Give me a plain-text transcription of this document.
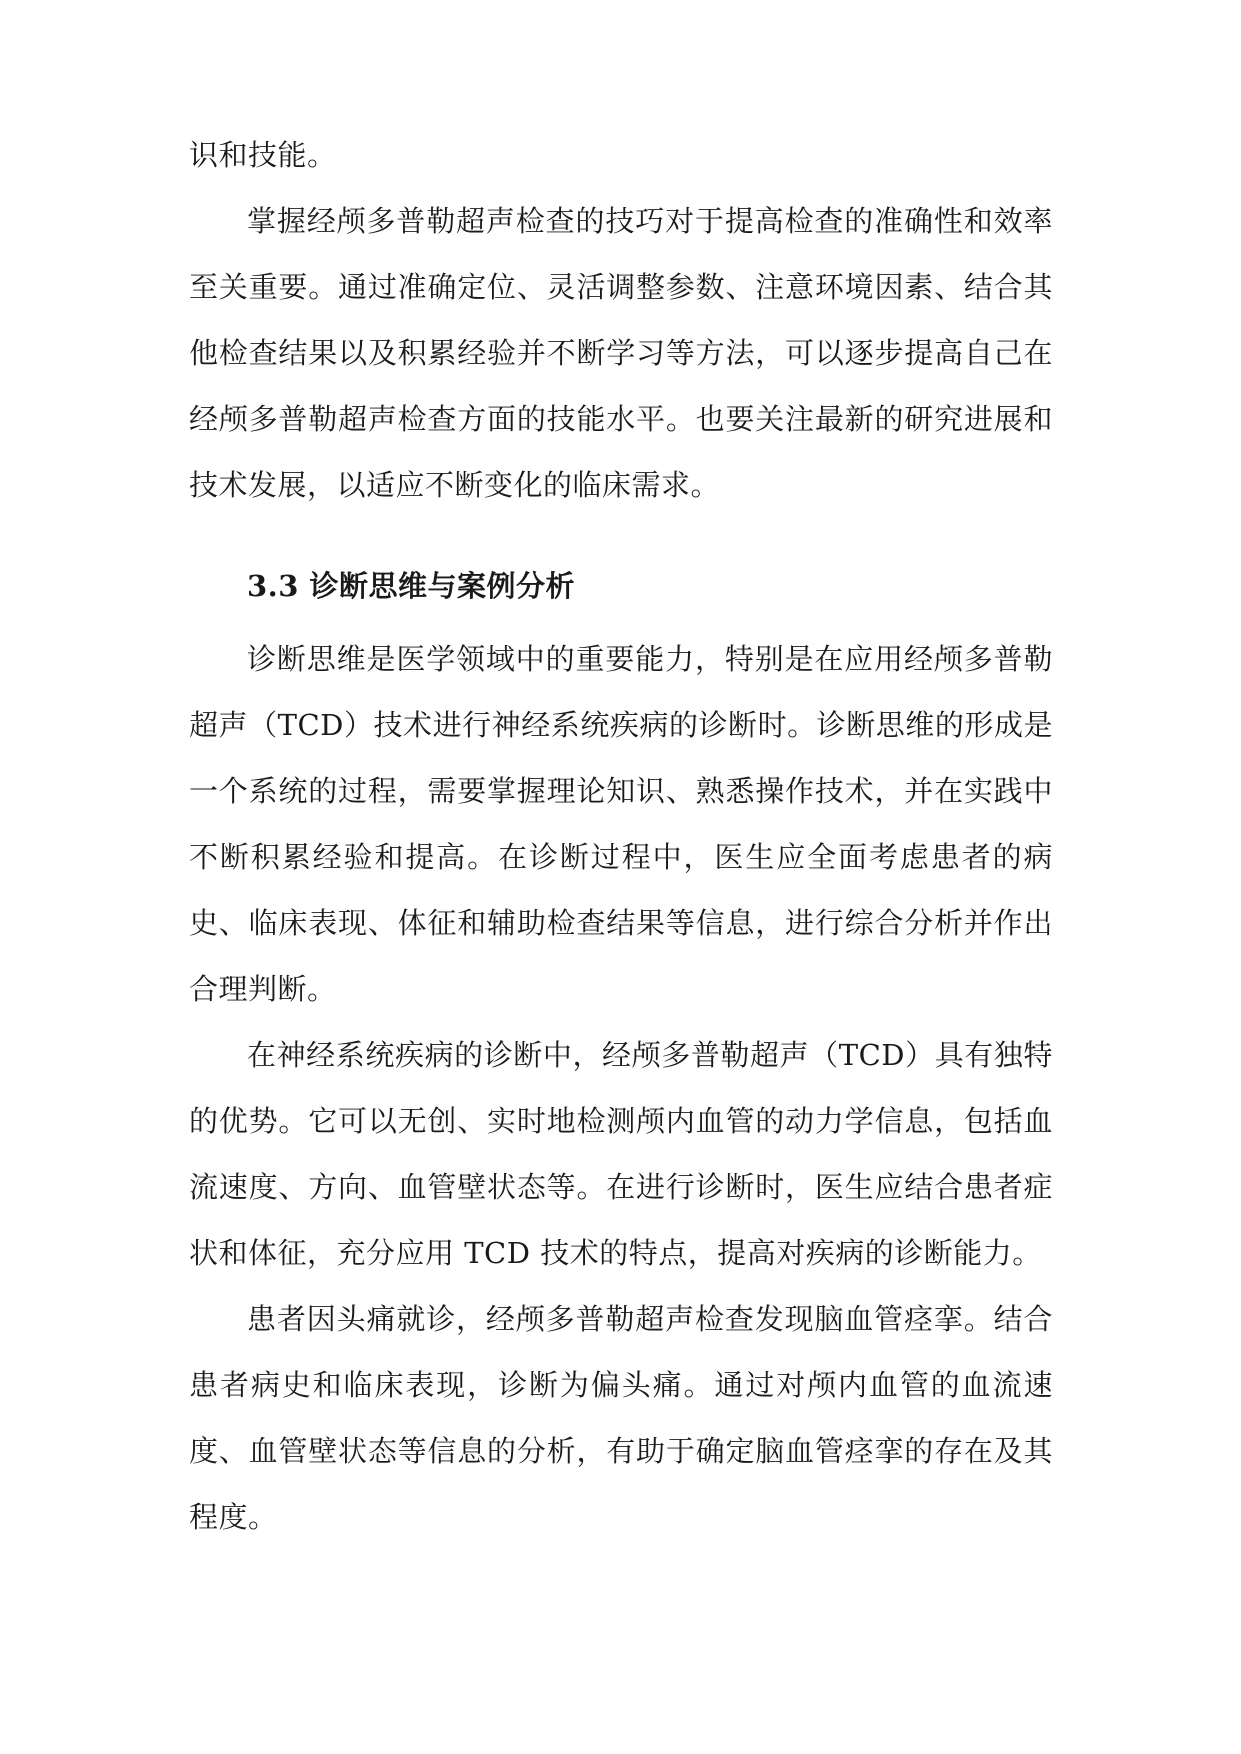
识和技能。

掌握经颅多普勒超声检查的技巧对于提高检查的准确性和效率至关重要。通过准确定位、灵活调整参数、注意环境因素、结合其他检查结果以及积累经验并不断学习等方法，可以逐步提高自己在经颅多普勒超声检查方面的技能水平。也要关注最新的研究进展和技术发展，以适应不断变化的临床需求。

3.3 诊断思维与案例分析

诊断思维是医学领域中的重要能力，特别是在应用经颅多普勒超声（TCD）技术进行神经系统疾病的诊断时。诊断思维的形成是一个系统的过程，需要掌握理论知识、熟悉操作技术，并在实践中不断积累经验和提高。在诊断过程中，医生应全面考虑患者的病史、临床表现、体征和辅助检查结果等信息，进行综合分析并作出合理判断。

在神经系统疾病的诊断中，经颅多普勒超声（TCD）具有独特的优势。它可以无创、实时地检测颅内血管的动力学信息，包括血流速度、方向、血管壁状态等。在进行诊断时，医生应结合患者症状和体征，充分应用 TCD 技术的特点，提高对疾病的诊断能力。

患者因头痛就诊，经颅多普勒超声检查发现脑血管痉挛。结合患者病史和临床表现，诊断为偏头痛。通过对颅内血管的血流速度、血管壁状态等信息的分析，有助于确定脑血管痉挛的存在及其程度。
